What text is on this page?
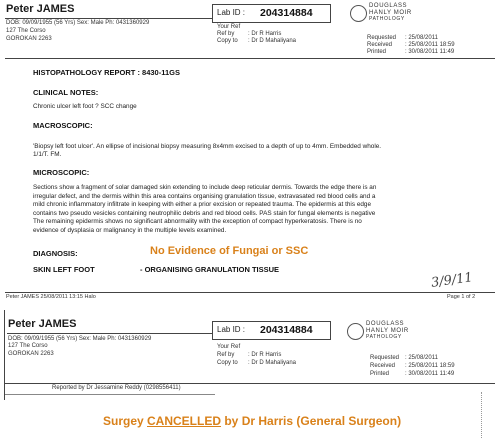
Peter JAMES
DOB: 09/09/1955 (56 Yrs) Sex: Male Ph: 0431360929
127 The Corso
GOROKAN 2263
Lab ID : 204314884
DOUGLASS
HANLY MOIR
PATHOLOGY
Your Ref
Ref by : Dr R Harris
Copy to : Dr D Mahaliyana	Requested : 25/08/2011
Received : 25/08/2011 18:59
Printed	: 30/08/2011 11:49
HISTOPATHOLOGY REPORT : 8430-11GS
CLINICAL NOTES:
Chronic ulcer left foot ? SCC change
MACROSCOPIC:
'Biopsy left foot ulcer'. An ellipse of incisional biopsy measuring 8x4mm excised to a depth of up to 4mm. Embedded whole.
1/1/T. FM.
MICROSCOPIC:
Sections show a fragment of solar damaged skin extending to include deep reticular dermis. Towards the edge there is an
irregular defect, and the dermis within this area contains organising granulation tissue, extravasated red blood cells and a
mild chronic inflammatory infiltrate in keeping with either a prior excision or repeated trauma. The epidermis at this edge
contains two pseudo vesicles containing neutrophilic debris and red blood cells. PAS stain for fungal elements is negative
The remaining epidermis shows no significant abnormality with the exception of compact hyperkeratosis. There is no
evidence of dysplasia or malignancy in the multiple levels examined.
DIAGNOSIS:	No Evidence of Fungai or SSC
SKIN LEFT FOOT	- ORGANISING GRANULATION TISSUE
3/9/11
Peter JAMES 25/08/2011 13:15 Halo	Page 1 of 2
Peter JAMES
DOB: 09/09/1955 (56 Yrs) Sex: Male Ph: 0431360929
127 The Corso
GOROKAN 2263
Lab ID : 204314884	DOUGLASS
HANLY MOIR
PATHOLOGY
Your Ref
Ref by : Dr R Harris
Copy to : Dr D Mahaliyana
Requested : 25/08/2011
Received : 25/08/2011 18:59
Printed	: 30/08/2011 11:49
Reported by Dr Jessamine Reddy (0298556411)
Surgey CANCELLED by Dr Harris (General Surgeon)
